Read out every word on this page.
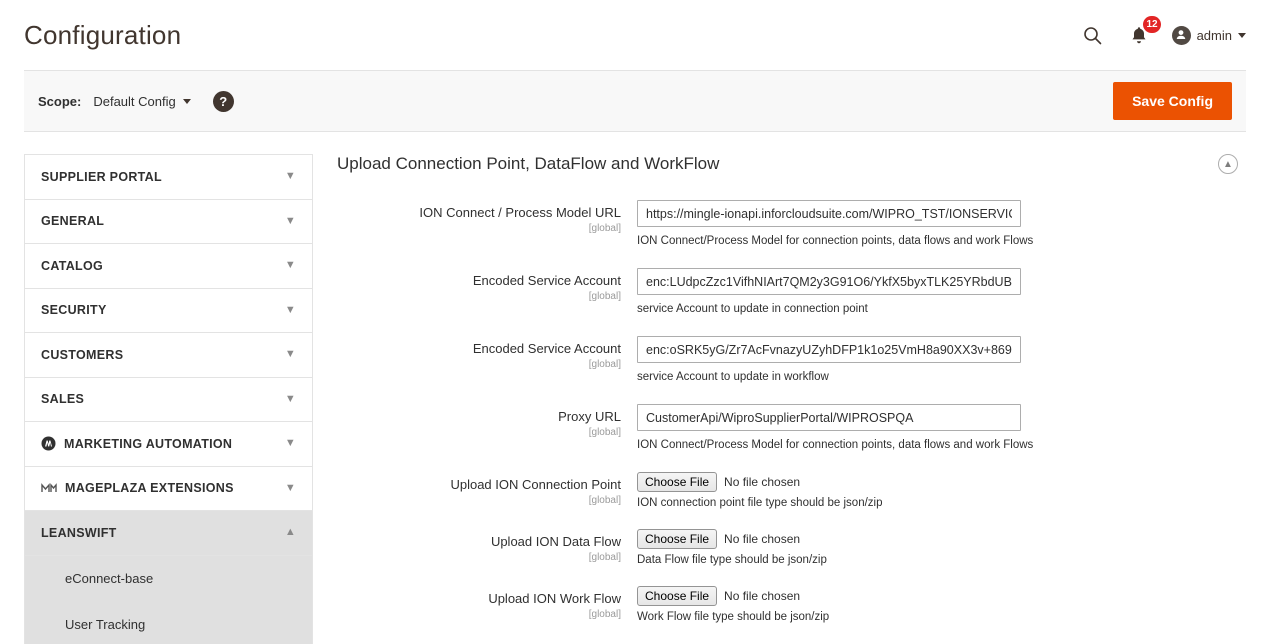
Configuration	12
admin
Scope: Default Config	?	Save Config
SUPPLIER PORTAL	▼
GENERAL	▼
CATALOG	▼
SECURITY	▼
CUSTOMERS	▼
SALES	▼
MARKETING AUTOMATION	▼
MAGEPLAZA EXTENSIONS	▼
LEANSWIFT	▲
eConnect-base
User Tracking
Upload Connection Point, DataFlow and WorkFlow	▲
ION Connect / Process Model URL
[global]
https://mingle-ionapi.inforcloudsuite.com/WIPRO_TST/IONSERVICES
ION Connect/Process Model for connection points, data flows and work Flows
Encoded Service Account
[global]
enc:LUdpcZzc1VifhNIArt7QM2y3G91O6/YkfX5byxTLK25YRbdUBsKZmu
service Account to update in connection point
Encoded Service Account
[global]
enc:oSRK5yG/Zr7AcFvnazyUZyhDFP1k1o25VmH8a90XX3v+869eGq8Qc
service Account to update in workflow
Proxy URL
[global]
CustomerApi/WiproSupplierPortal/WIPROSPQA
ION Connect/Process Model for connection points, data flows and work Flows
Upload ION Connection Point
[global]
Choose File	No file chosen
ION connection point file type should be json/zip
Upload ION Data Flow
[global]
Choose File	No file chosen
Data Flow file type should be json/zip
Upload ION Work Flow
[global]
Choose File	No file chosen
Work Flow file type should be json/zip
